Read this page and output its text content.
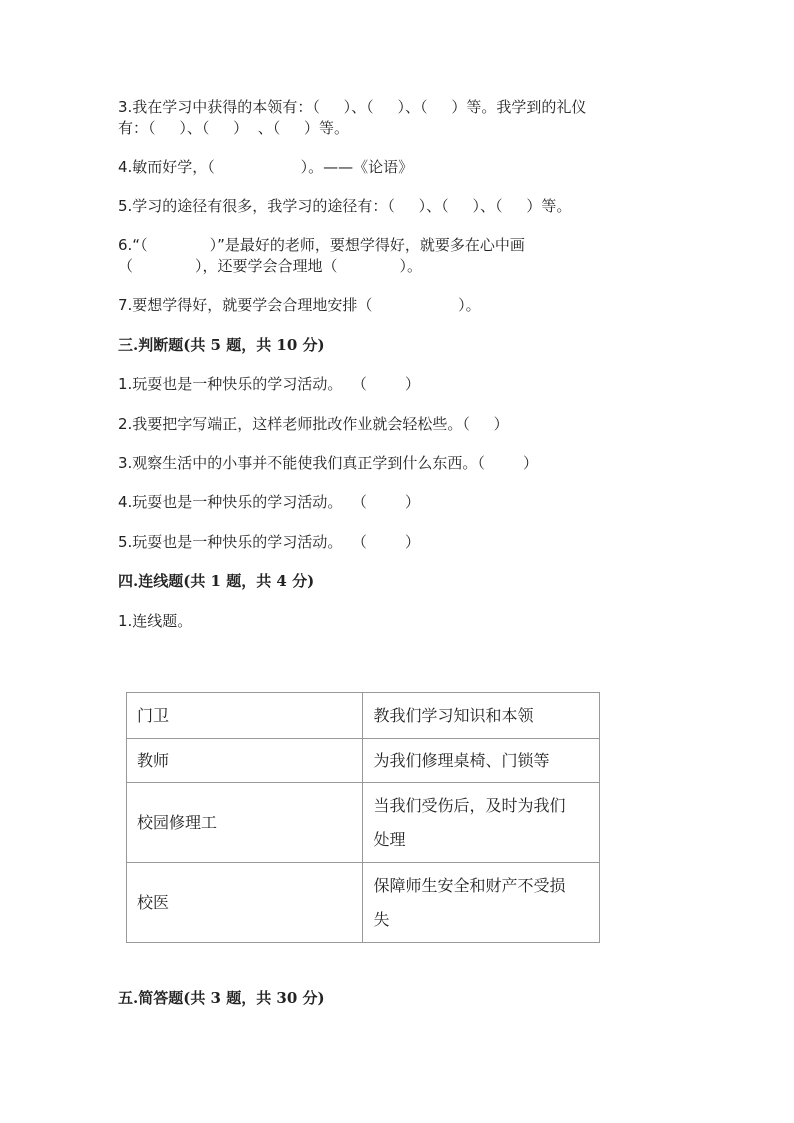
3.我在学习中获得的本领有：（     ）、（     ）、（     ）等。我学到的礼仪
有：（     ）、（     ）  、（     ）等。
4.敏而好学，（                  ）。——《论语》
5.学习的途径有很多，我学习的途径有：（     ）、（     ）、（     ）等。
6.“（             ）”是最好的老师，要想学得好，就要多在心中画
（             ），还要学会合理地（             ）。
7.要想学得好，就要学会合理地安排（                  ）。
三.判断题(共 5 题，共 10 分)
1.玩耍也是一种快乐的学习活动。  （        ）
2.我要把字写端正，这样老师批改作业就会轻松些。（     ）
3.观察生活中的小事并不能使我们真正学到什么东西。（        ）
4.玩耍也是一种快乐的学习活动。  （        ）
5.玩耍也是一种快乐的学习活动。  （        ）
四.连线题(共 1 题，共 4 分)
1.连线题。
门卫	教我们学习知识和本领

教师	为我们修理桌椅、门锁等

校园修理工	当我们受伤后，及时为我们
处理

校医	保障师生安全和财产不受损
失
五.简答题(共 3 题，共 30 分)
